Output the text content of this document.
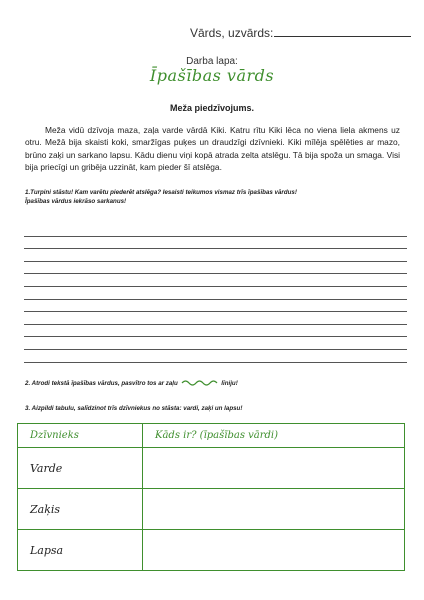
Vārds, uzvārds:
Darba lapa:
Īpašības vārds
Meža piedzīvojums.

Meža vidū dzīvoja maza, zaļa varde vārdā Kiki. Katru rītu Kiki lēca no viena liela akmens uz otru. Mežā bija skaisti koki, smaržīgas puķes un draudzīgi dzīvnieki. Kiki mīlēja spēlēties ar mazo, brūno zaķi un sarkano lapsu. Kādu dienu viņi kopā atrada zelta atslēgu. Tā bija spoža un smaga. Visi bija priecīgi un gribēja uzzināt, kam pieder šī atslēga.

1.Turpini stāstu! Kam varētu piederēt atslēga? Iesaisti teikumos vismaz trīs īpašības vārdus!
Īpašības vārdus iekrāso sarkanus!
2. Atrodi tekstā īpašības vārdus, pasvītro tos ar zaļu	līniju!
3. Aizpildi tabulu, salīdzinot trīs dzīvniekus no stāsta: vardi, zaķi un lapsu!
Dzīvnieks	Kāds ir? (īpašības vārdi)
Varde	
Zaķis	
Lapsa	
